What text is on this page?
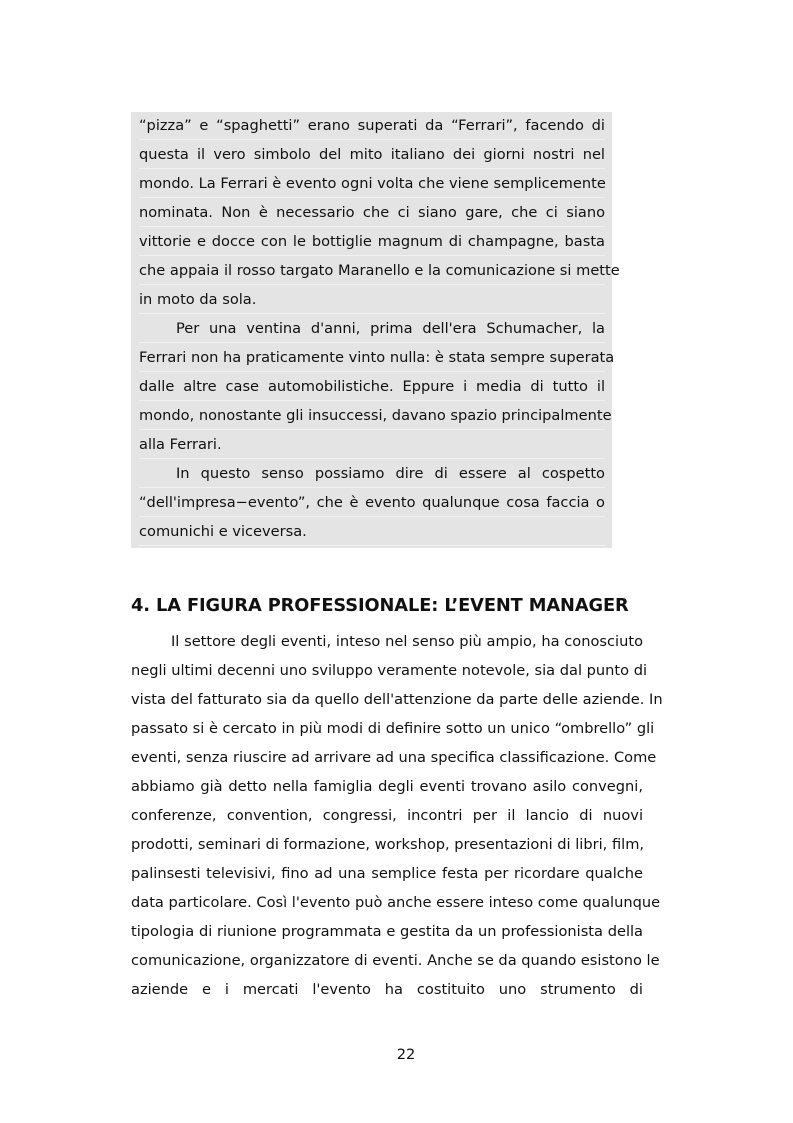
“pizza” e “spaghetti” erano superati da “Ferrari”, facendo di
questa il vero simbolo del mito italiano dei giorni nostri nel
mondo. La Ferrari è evento ogni volta che viene semplicemente
nominata. Non è necessario che ci siano gare, che ci siano
vittorie e docce con le bottiglie magnum di champagne, basta
che appaia il rosso targato Maranello e la comunicazione si mette
in moto da sola.
Per una ventina d'anni, prima dell'era Schumacher, la
Ferrari non ha praticamente vinto nulla: è stata sempre superata
dalle altre case automobilistiche. Eppure i media di tutto il
mondo, nonostante gli insuccessi, davano spazio principalmente
alla Ferrari.
In questo senso possiamo dire di essere al cospetto
“dell'impresa−evento”, che è evento qualunque cosa faccia o
comunichi e viceversa.
4. LA FIGURA PROFESSIONALE: L’EVENT MANAGER
Il settore degli eventi, inteso nel senso più ampio, ha conosciuto
negli ultimi decenni uno sviluppo veramente notevole, sia dal punto di
vista del fatturato sia da quello dell'attenzione da parte delle aziende. In
passato si è cercato in più modi di definire sotto un unico “ombrello” gli
eventi, senza riuscire ad arrivare ad una specifica classificazione. Come
abbiamo già detto nella famiglia degli eventi trovano asilo convegni,
conferenze, convention, congressi, incontri per il lancio di nuovi
prodotti, seminari di formazione, workshop, presentazioni di libri, film,
palinsesti televisivi, fino ad una semplice festa per ricordare qualche
data particolare. Così l'evento può anche essere inteso come qualunque
tipologia di riunione programmata e gestita da un professionista della
comunicazione, organizzatore di eventi. Anche se da quando esistono le
aziende e i mercati l'evento ha costituito uno strumento di
22
